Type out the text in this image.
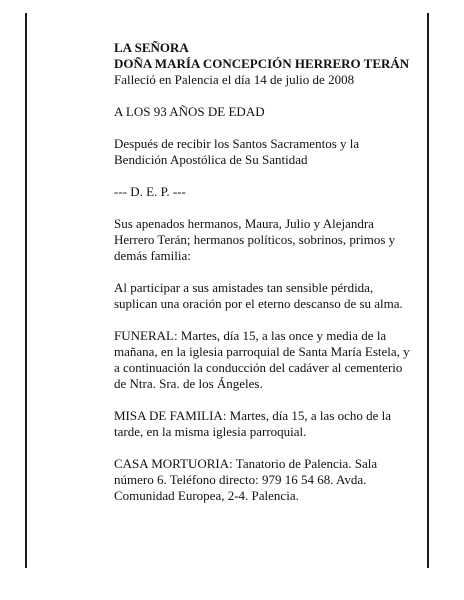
LA SEÑORA

DOÑA MARÍA CONCEPCIÓN HERRERO TERÁN

Falleció en Palencia el día 14 de julio de 2008

A LOS 93 AÑOS DE EDAD

Después de recibir los Santos Sacramentos y la Bendición Apostólica de Su Santidad

--- D. E. P. ---

Sus apenados hermanos, Maura, Julio y Alejandra Herrero Terán; hermanos políticos, sobrinos, primos y demás familia:

Al participar a sus amistades tan sensible pérdida, suplican una oración por el eterno descanso de su alma.

FUNERAL: Martes, día 15, a las once y media de la mañana, en la iglesia parroquial de Santa María Estela, y a continuación la conducción del cadáver al cementerio de Ntra. Sra. de los Ángeles.

MISA DE FAMILIA: Martes, día 15, a las ocho de la tarde, en la misma iglesia parroquial.

CASA MORTUORIA: Tanatorio de Palencia. Sala número 6. Teléfono directo: 979 16 54 68. Avda. Comunidad Europea, 2-4. Palencia.
